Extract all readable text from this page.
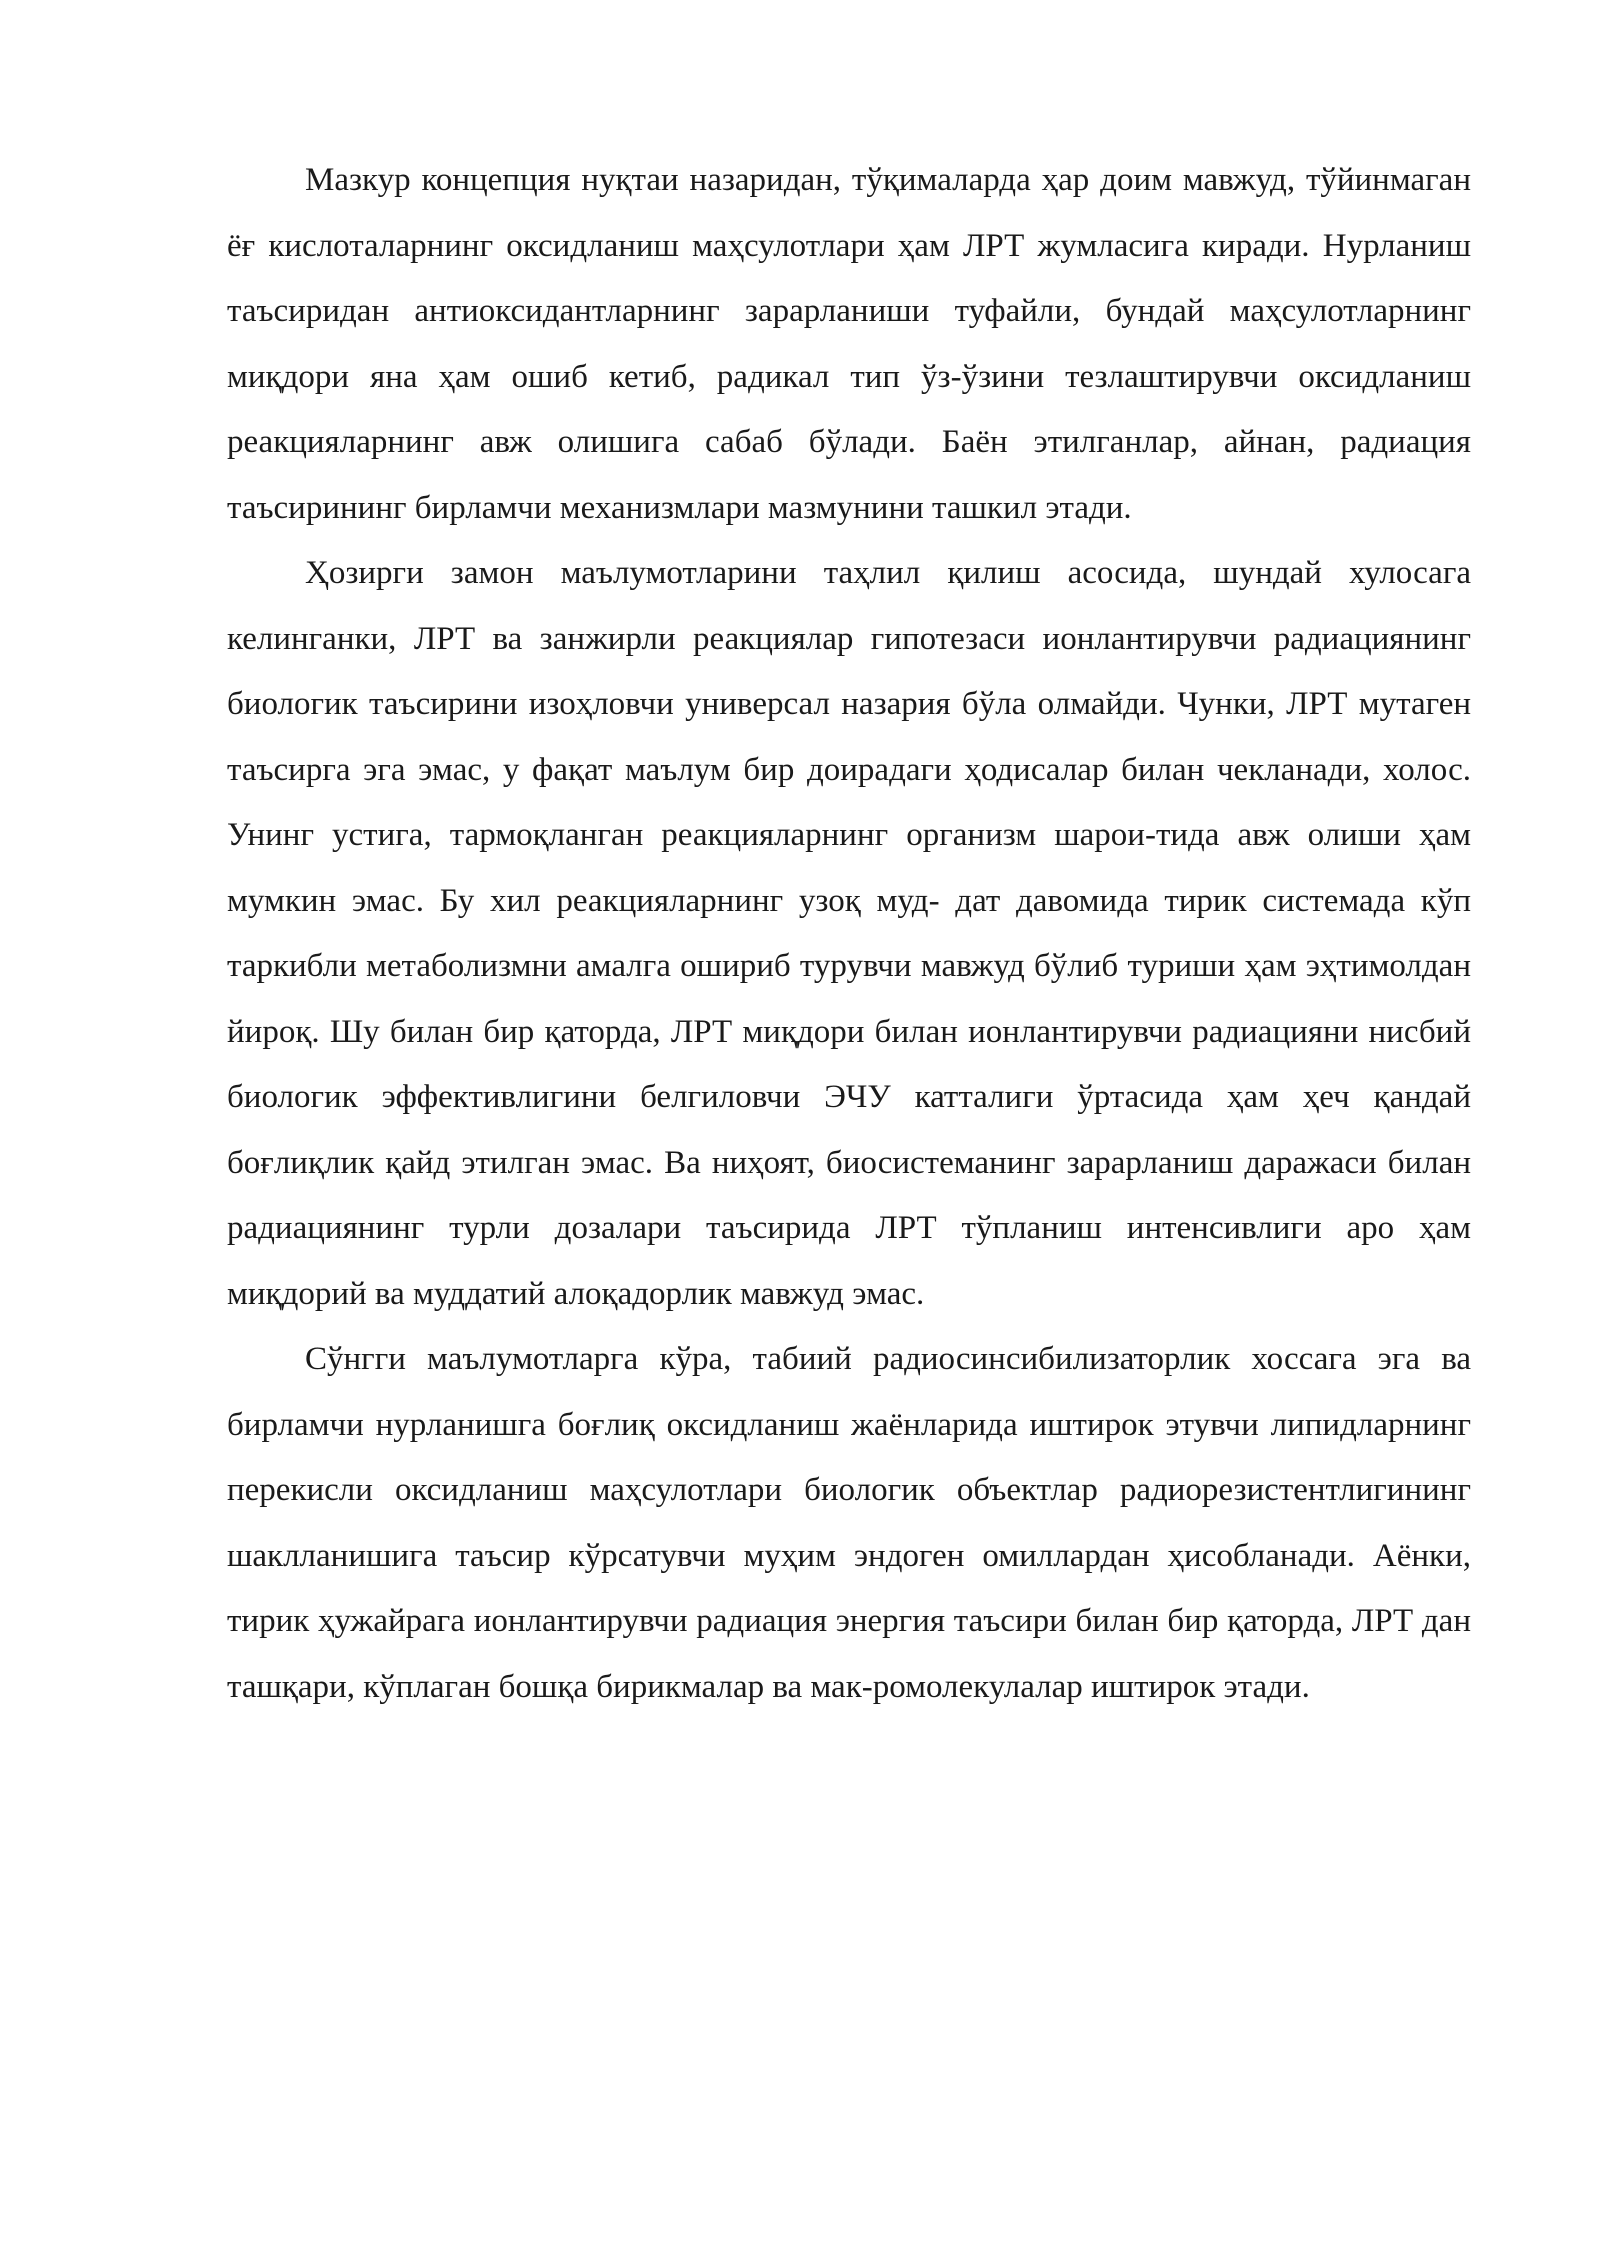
Мазкур концепция нуқтаи назаридан, тўқималарда ҳар доим мавжуд, тўйинмаган ёғ кислоталарнинг оксидланиш маҳсулотлари ҳам ЛРТ жумласига киради. Нурланиш таъсиридан антиоксидантларнинг зарарланиши туфайли, бундай маҳсулотларнинг миқдори яна ҳам ошиб кетиб, радикал тип ўз-ўзини тезлаштирувчи оксидланиш реакцияларнинг авж олишига сабаб бўлади. Баён этилганлар, айнан, радиация таъсирининг бирламчи механизмлари мазмунини ташкил этади.

Ҳозирги замон маълумотларини таҳлил қилиш асосида, шундай хулосага келинганки, ЛРТ ва занжирли реакциялар гипотезаси ионлантирувчи радиациянинг биологик таъсирини изоҳловчи универсал назария бўла олмайди. Чунки, ЛРТ мутаген таъсирга эга эмас, у фақат маълум бир доирадаги ҳодисалар билан чекланади, холос. Унинг устига, тармоқланган реакцияларнинг организм шарои-тида авж олиши ҳам мумкин эмас. Бу хил реакцияларнинг узоқ муд- дат давомида тирик системада кўп таркибли метаболизмни амалга ошириб турувчи мавжуд бўлиб туриши ҳам эҳтимолдан йироқ. Шу билан бир қаторда, ЛРТ миқдори билан ионлантирувчи радиацияни нисбий биологик эффективлигини белгиловчи ЭЧУ катталиги ўртасида ҳам ҳеч қандай боғлиқлик қайд этилган эмас. Ва ниҳоят, биосистеманинг зарарланиш даражаси билан радиациянинг турли дозалари таъсирида ЛРТ тўпланиш интенсивлиги аро ҳам миқдорий ва муддатий алоқадорлик мавжуд эмас.

Сўнгги маълумотларга кўра, табиий радиосинсибилизаторлик хоссага эга ва бирламчи нурланишга боғлиқ оксидланиш жаёнларида иштирок этувчи липидларнинг перекисли оксидланиш маҳсулотлари биологик объектлар радиорезистентлигининг шаклланишига таъсир кўрсатувчи муҳим эндоген омиллардан ҳисобланади. Аёнки, тирик ҳужайрага ионлантирувчи радиация энергия таъсири билан бир қаторда, ЛРТ дан ташқари, кўплаган бошқа бирикмалар ва мак-ромолекулалар иштирок этади.
